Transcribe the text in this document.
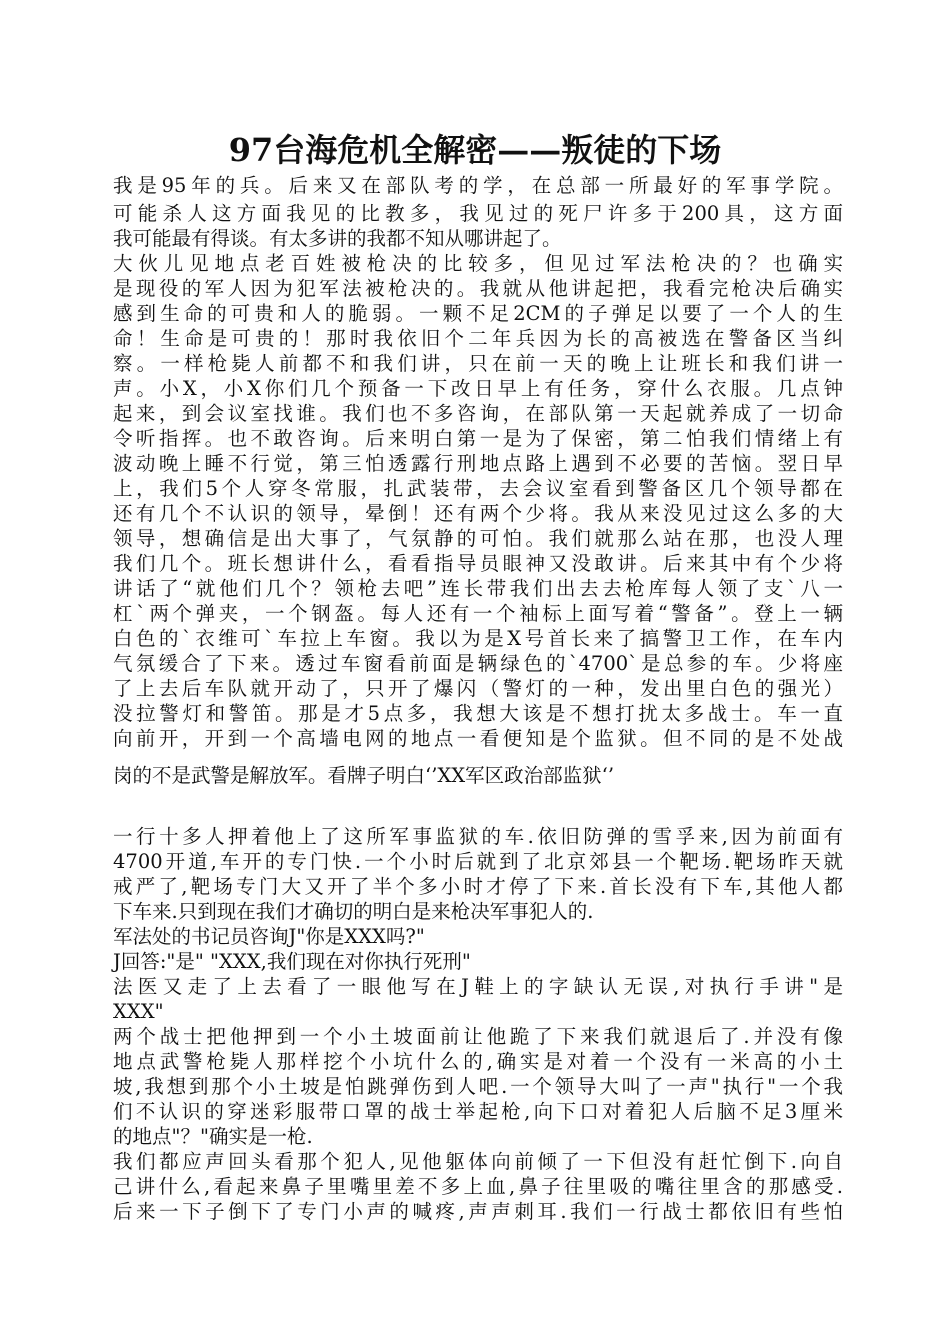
97台海危机全解密——叛徒的下场
我是95年的兵。后来又在部队考的学，在总部一所最好的军事学院。
可能杀人这方面我见的比教多，我见过的死尸许多于200具，这方面
我可能最有得谈。有太多讲的我都不知从哪讲起了。
大伙儿见地点老百姓被枪决的比较多，但见过军法枪决的？也确实
是现役的军人因为犯军法被枪决的。我就从他讲起把，我看完枪决后确实
感到生命的可贵和人的脆弱。一颗不足2CM的子弹足以要了一个人的生
命！生命是可贵的！那时我依旧个二年兵因为长的高被选在警备区当纠
察。一样枪毙人前都不和我们讲，只在前一天的晚上让班长和我们讲一
声。小X，小X你们几个预备一下改日早上有任务，穿什么衣服。几点钟
起来，到会议室找谁。我们也不多咨询，在部队第一天起就养成了一切命
令听指挥。也不敢咨询。后来明白第一是为了保密，第二怕我们情绪上有
波动晚上睡不行觉，第三怕透露行刑地点路上遇到不必要的苦恼。翌日早
上，我们5个人穿冬常服，扎武装带，去会议室看到警备区几个领导都在
还有几个不认识的领导，晕倒！还有两个少将。我从来没见过这么多的大
领导，想确信是出大事了，气氛静的可怕。我们就那么站在那，也没人理
我们几个。班长想讲什么，看看指导员眼神又没敢讲。后来其中有个少将
讲话了“就他们几个？领枪去吧”连长带我们出去去枪库每人领了支`八一
杠`两个弹夹，一个钢盔。每人还有一个袖标上面写着“警备”。登上一辆
白色的`衣维可`车拉上车窗。我以为是X号首长来了搞警卫工作，在车内
气氛缓合了下来。透过车窗看前面是辆绿色的`4700`是总参的车。少将座
了上去后车队就开动了，只开了爆闪（警灯的一种，发出里白色的强光）
没拉警灯和警笛。那是才5点多，我想大该是不想打扰太多战士。车一直
向前开，开到一个高墙电网的地点一看便知是个监狱。但不同的是不处战
岗的不是武警是解放军。看牌子明白‘’XX军区政治部监狱‘’
一行十多人押着他上了这所军事监狱的车.依旧防弹的雪孚来,因为前面有
4700开道,车开的专门快.一个小时后就到了北京郊县一个靶场.靶场昨天就
戒严了,靶场专门大又开了半个多小时才停了下来.首长没有下车,其他人都
下车来.只到现在我们才确切的明白是来枪决军事犯人的.
军法处的书记员咨询J"你是XXX吗?"
J回答:"是" "XXX,我们现在对你执行死刑"
法医又走了上去看了一眼他写在J鞋上的字缺认无误,对执行手讲"是
XXX"
两个战士把他押到一个小土坡面前让他跪了下来我们就退后了.并没有像
地点武警枪毙人那样挖个小坑什么的,确实是对着一个没有一米高的小土
坡,我想到那个小土坡是怕跳弹伤到人吧.一个领导大叫了一声"执行"一个我
们不认识的穿迷彩服带口罩的战士举起枪,向下口对着犯人后脑不足3厘米
的地点"？"确实是一枪.
我们都应声回头看那个犯人,见他躯体向前倾了一下但没有赶忙倒下.向自
己讲什么,看起来鼻子里嘴里差不多上血,鼻子往里吸的嘴往里含的那感受.
后来一下子倒下了专门小声的喊疼,声声刺耳.我们一行战士都依旧有些怕
